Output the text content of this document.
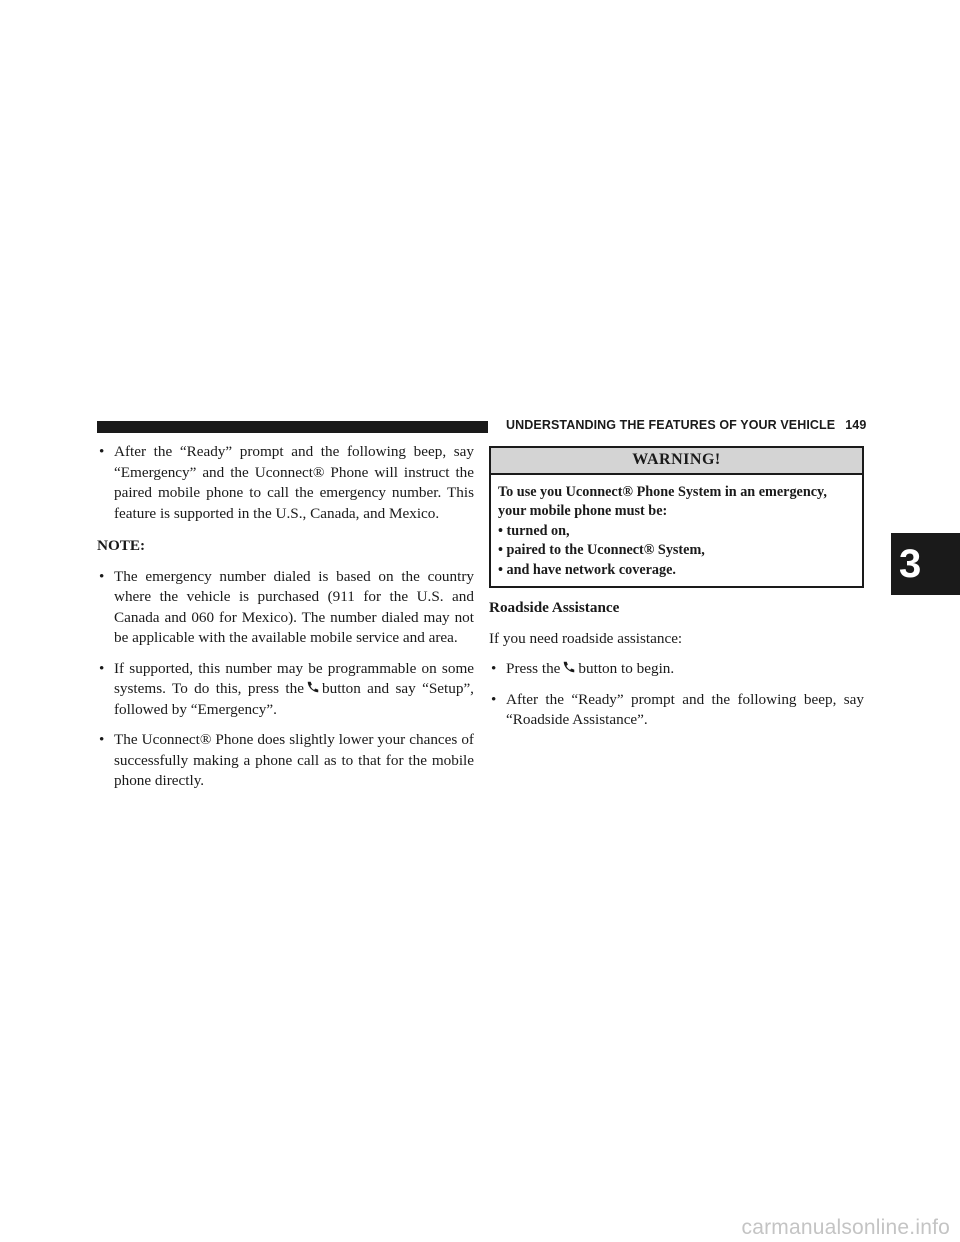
UNDERSTANDING THE FEATURES OF YOUR VEHICLE 149
3
• After the “Ready” prompt and the following beep, say “Emergency” and the Uconnect® Phone will instruct the paired mobile phone to call the emergency number. This feature is supported in the U.S., Canada, and Mexico.
NOTE:
• The emergency number dialed is based on the country where the vehicle is purchased (911 for the U.S. and Canada and 060 for Mexico). The number dialed may not be applicable with the available mobile service and area.
• If supported, this number may be programmable on some systems. To do this, press the button and say “Setup”, followed by “Emergency”.
• The Uconnect® Phone does slightly lower your chances of successfully making a phone call as to that for the mobile phone directly.
WARNING!
To use you Uconnect® Phone System in an emergency, your mobile phone must be:
• turned on,
• paired to the Uconnect® System,
• and have network coverage.
Roadside Assistance
If you need roadside assistance:
• Press the button to begin.
• After the “Ready” prompt and the following beep, say “Roadside Assistance”.
carmanualsonline.info
